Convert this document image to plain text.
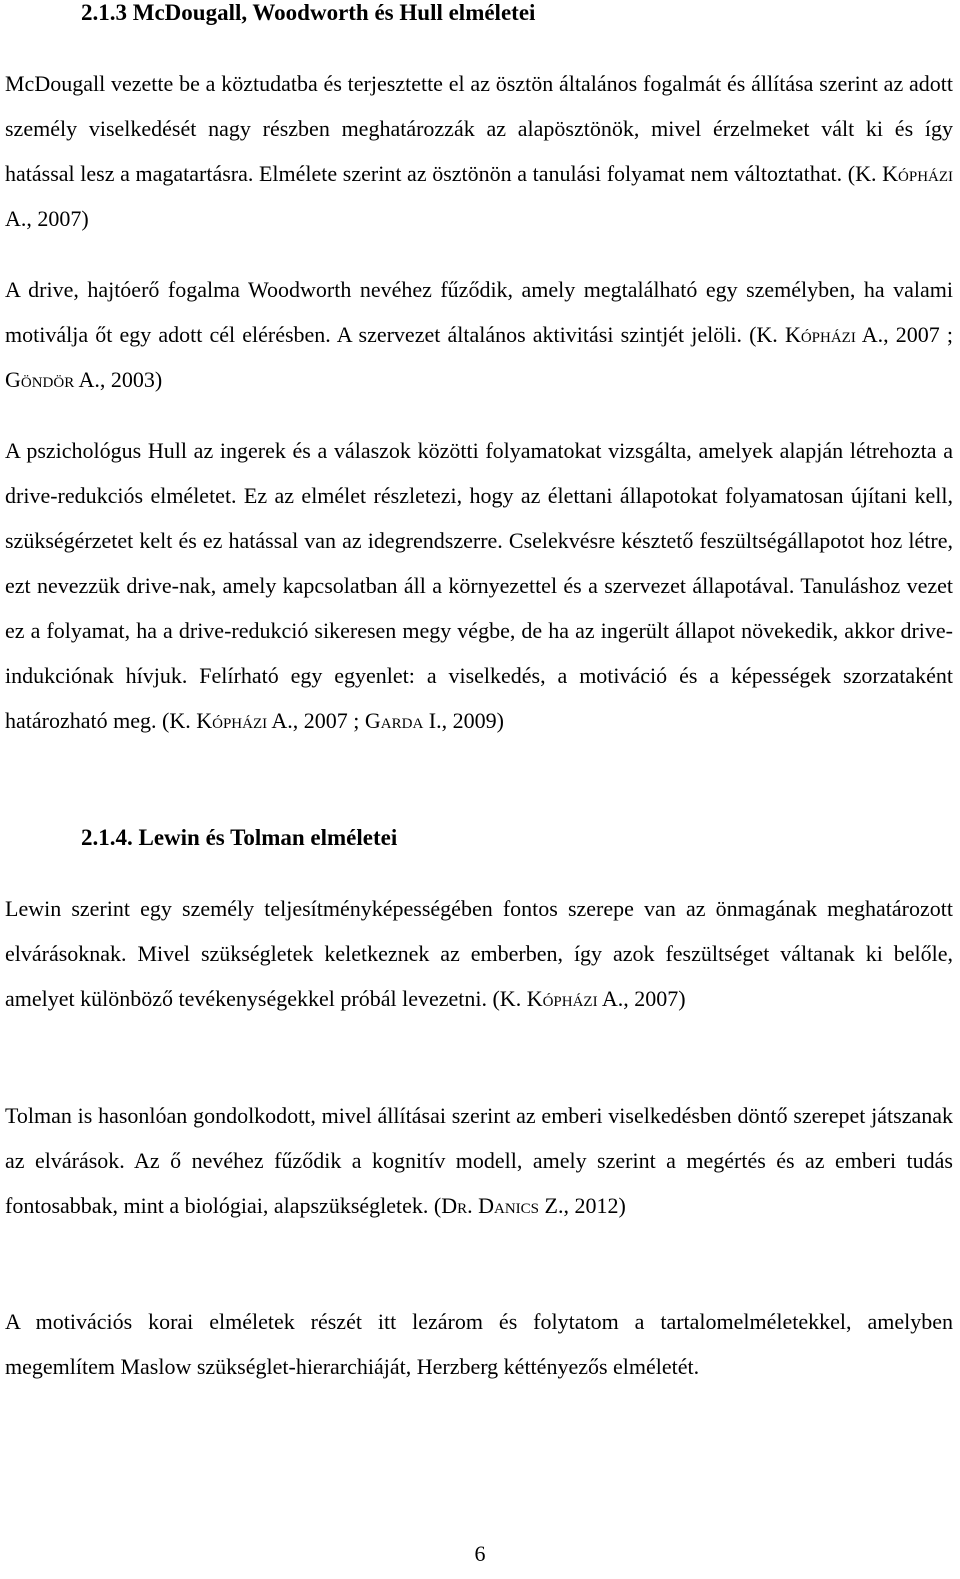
2.1.3 McDougall, Woodworth és Hull elméletei

McDougall vezette be a köztudatba és terjesztette el az ösztön általános fogalmát és állítása szerint az adott személy viselkedését nagy részben meghatározzák az alapösztönök, mivel érzelmeket vált ki és így hatással lesz a magatartásra. Elmélete szerint az ösztönön a tanulási folyamat nem változtathat. (K. Kópházi A., 2007)

A drive, hajtóerő fogalma Woodworth nevéhez fűződik, amely megtalálható egy személyben, ha valami motiválja őt egy adott cél elérésben. A szervezet általános aktivitási szintjét jelöli. (K. Kópházi A., 2007 ; Göndör A., 2003)

A pszichológus Hull az ingerek és a válaszok közötti folyamatokat vizsgálta, amelyek alapján létrehozta a drive-redukciós elméletet. Ez az elmélet részletezi, hogy az élettani állapotokat folyamatosan újítani kell, szükségérzetet kelt és ez hatással van az idegrendszerre. Cselekvésre késztető feszültségállapotot hoz létre, ezt nevezzük drive-nak, amely kapcsolatban áll a környezettel és a szervezet állapotával. Tanuláshoz vezet ez a folyamat, ha a drive-redukció sikeresen megy végbe, de ha az ingerült állapot növekedik, akkor drive-indukciónak hívjuk. Felírható egy egyenlet: a viselkedés, a motiváció és a képességek szorzataként határozható meg. (K. Kópházi A., 2007 ; Garda I., 2009)

2.1.4. Lewin és Tolman elméletei

Lewin szerint egy személy teljesítményképességében fontos szerepe van az önmagának meghatározott elvárásoknak. Mivel szükségletek keletkeznek az emberben, így azok feszültséget váltanak ki belőle, amelyet különböző tevékenységekkel próbál levezetni. (K. Kópházi A., 2007)

Tolman is hasonlóan gondolkodott, mivel állításai szerint az emberi viselkedésben döntő szerepet játszanak az elvárások. Az ő nevéhez fűződik a kognitív modell, amely szerint a megértés és az emberi tudás fontosabbak, mint a biológiai, alapszükségletek. (Dr. Danics Z., 2012)

A motivációs korai elméletek részét itt lezárom és folytatom a tartalomelméletekkel, amelyben megemlítem Maslow szükséglet-hierarchiáját, Herzberg kéttényezős elméletét.

6
